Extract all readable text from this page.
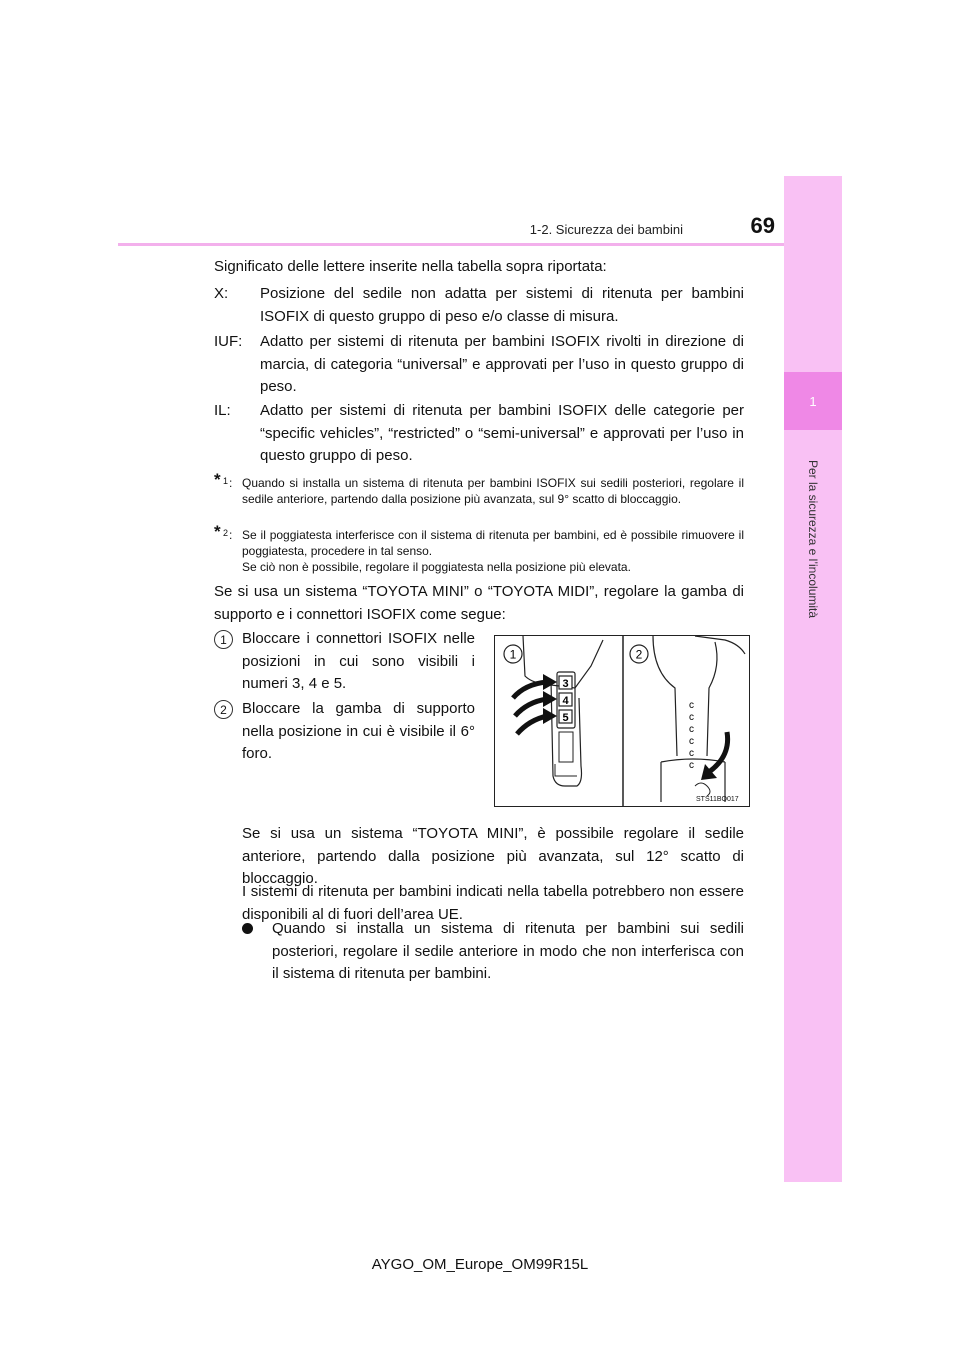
1
Per la sicurezza e l’incolumità
1-2. Sicurezza dei bambini	69

Significato delle lettere inserite nella tabella sopra riportata:

X: Posizione del sedile non adatta per sistemi di ritenuta per bambini ISOFIX di questo gruppo di peso e/o classe di misura.
IUF: Adatto per sistemi di ritenuta per bambini ISOFIX rivolti in direzione di marcia, di categoria “universal” e approvati per l’uso in questo gruppo di peso.
IL: Adatto per sistemi di ritenuta per bambini ISOFIX delle categorie per “specific vehicles”, “restricted” o “semi-universal” e approvati per l’uso in questo gruppo di peso.
* 1 : Quando si installa un sistema di ritenuta per bambini ISOFIX sui sedili posteriori, regolare il sedile anteriore, partendo dalla posizione più avanzata, sul 9° scatto di bloccaggio.
* 2 : Se il poggiatesta interferisce con il sistema di ritenuta per bambini, ed è possibile rimuovere il poggiatesta, procedere in tal senso.
Se ciò non è possibile, regolare il poggiatesta nella posizione più elevata.

Se si usa un sistema “TOYOTA MINI” o “TOYOTA MIDI”, regolare la gamba di supporto e i connettori ISOFIX come segue:

1	Bloccare i connettori ISOFIX nelle posizioni in cui sono visibili i numeri 3, 4 e 5.
2	Bloccare la gamba di supporto nella posizione in cui è visibile il 6° foro.
3
4
5
1
c
c
c
c
c
c
2
STS11BO017

Se si usa un sistema “TOYOTA MINI”, è possibile regolare il sedile anteriore, partendo dalla posizione più avanzata, sul 12° scatto di bloccaggio.

I sistemi di ritenuta per bambini indicati nella tabella potrebbero non essere disponibili al di fuori dell’area UE.

Quando si installa un sistema di ritenuta per bambini sui sedili posteriori, regolare il sedile anteriore in modo che non interferisca con il sistema di ritenuta per bambini.
AYGO_OM_Europe_OM99R15L
